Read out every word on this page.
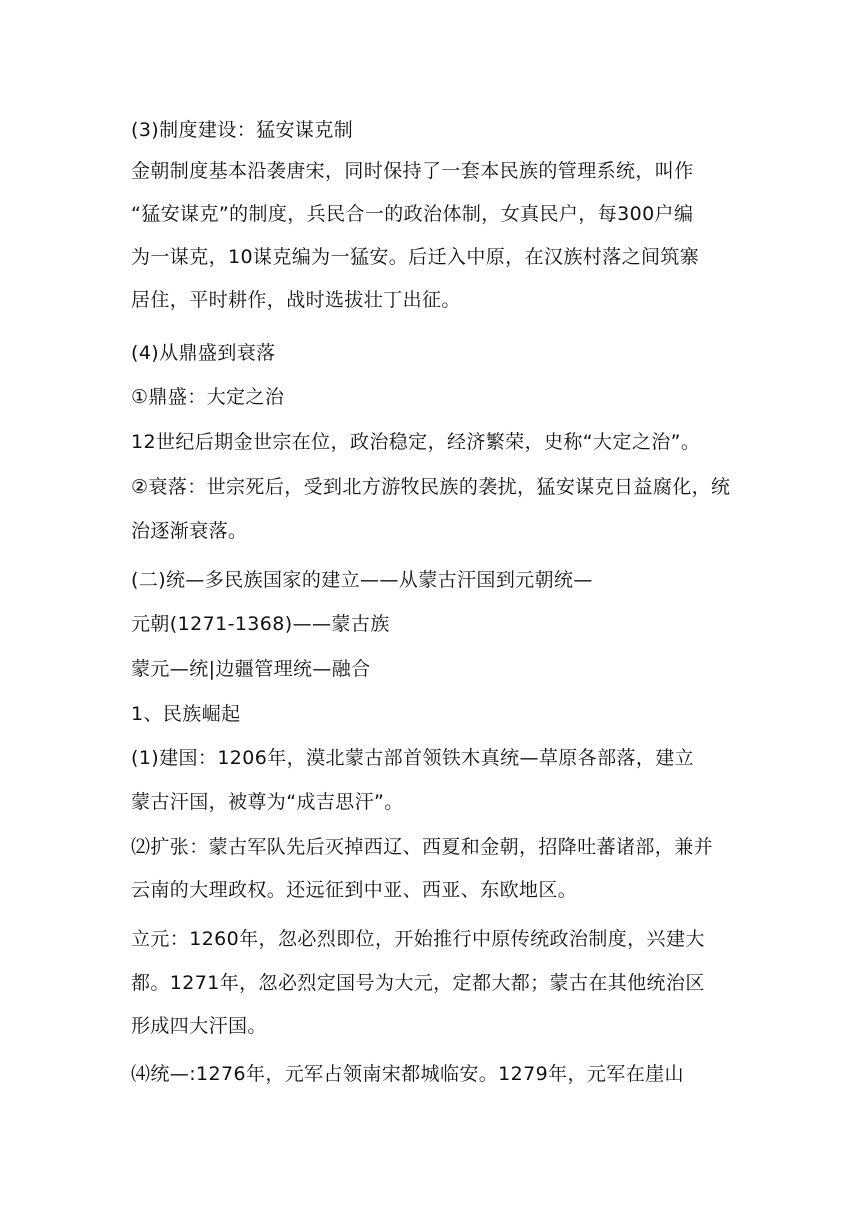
(3)制度建设：猛安谋克制
金朝制度基本沿袭唐宋，同时保持了一套本民族的管理系统，叫作
“猛安谋克”的制度，兵民合一的政治体制，女真民户，每300户编
为一谋克，10谋克编为一猛安。后迁入中原，在汉族村落之间筑寨
居住，平时耕作，战时选拔壮丁出征。
(4)从鼎盛到衰落
①鼎盛：大定之治
12世纪后期金世宗在位，政治稳定，经济繁荣，史称“大定之治”。
②衰落：世宗死后，受到北方游牧民族的袭扰，猛安谋克日益腐化，统
治逐渐衰落。
(二)统—多民族国家的建立——从蒙古汗国到元朝统—
元朝(1271-1368)——蒙古族
蒙元—统|边疆管理统—融合
1、民族崛起
(1)建国：1206年，漠北蒙古部首领铁木真统—草原各部落，建立
蒙古汗国，被尊为“成吉思汗”。
⑵扩张：蒙古军队先后灭掉西辽、西夏和金朝，招降吐蕃诸部，兼并
云南的大理政权。还远征到中亚、西亚、东欧地区。
立元：1260年，忽必烈即位，开始推行中原传统政治制度，兴建大
都。1271年，忽必烈定国号为大元，定都大都；蒙古在其他统治区
形成四大汗国。
⑷统—:1276年，元军占领南宋都城临安。1279年，元军在崖山
